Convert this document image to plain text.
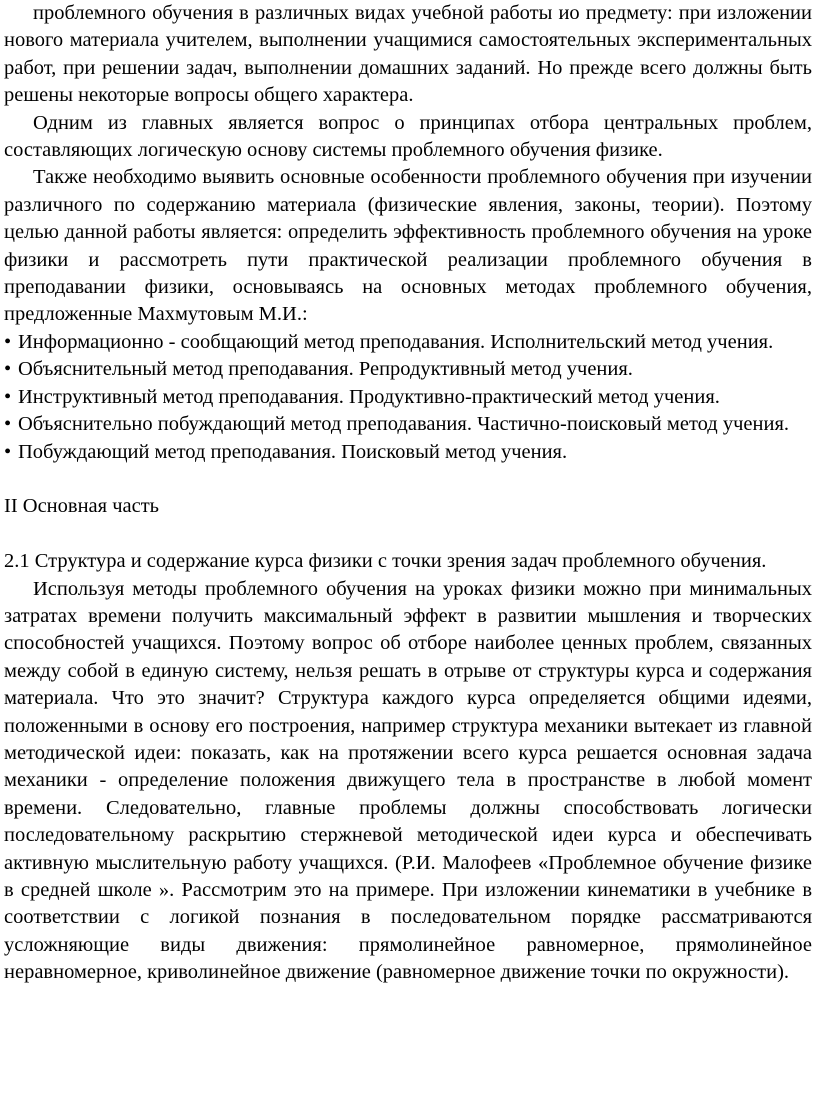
проблемного обучения в различных видах учебной работы ио предмету: при изложении нового материала учителем, выполнении учащимися самостоятельных экспериментальных работ, при решении задач, выполнении домашних заданий. Но прежде всего должны быть решены некоторые вопросы общего характера.

Одним из главных является вопрос о принципах отбора центральных проблем, составляющих логическую основу системы проблемного обучения физике.

Также необходимо выявить основные особенности проблемного обучения при изучении различного по содержанию материала (физические явления, законы, теории). Поэтому целью данной работы является: определить эффективность проблемного обучения на уроке физики и рассмотреть пути практической реализации проблемного обучения в преподавании физики, основываясь на основных методах проблемного обучения, предложенные Махмутовым М.И.:

• Информационно - сообщающий метод преподавания. Исполнительский метод учения.

• Объяснительный метод преподавания. Репродуктивный метод учения.

• Инструктивный метод преподавания. Продуктивно-практический метод учения.

• Объяснительно побуждающий метод преподавания. Частично-поисковый метод учения.

• Побуждающий метод преподавания. Поисковый метод учения.

II Основная часть

2.1 Структура и содержание курса физики с точки зрения задач проблемного обучения.

Используя методы проблемного обучения на уроках физики можно при минимальных затратах времени получить максимальный эффект в развитии мышления и творческих способностей учащихся. Поэтому вопрос об отборе наиболее ценных проблем, связанных между собой в единую систему, нельзя решать в отрыве от структуры курса и содержания материала. Что это значит? Структура каждого курса определяется общими идеями, положенными в основу его построения, например структура механики вытекает из главной методической идеи: показать, как на протяжении всего курса решается основная задача механики - определение положения движущего тела в пространстве в любой момент времени. Следовательно, главные проблемы должны способствовать логически последовательному раскрытию стержневой методической идеи курса и обеспечивать активную мыслительную работу учащихся. (Р.И. Малофеев «Проблемное обучение физике в средней школе ». Рассмотрим это на примере. При изложении кинематики в учебнике в соответствии с логикой познания в последовательном порядке рассматриваются усложняющие виды движения: прямолинейное равномерное, прямолинейное неравномерное, криволинейное движение (равномерное движение точки по окружности).
